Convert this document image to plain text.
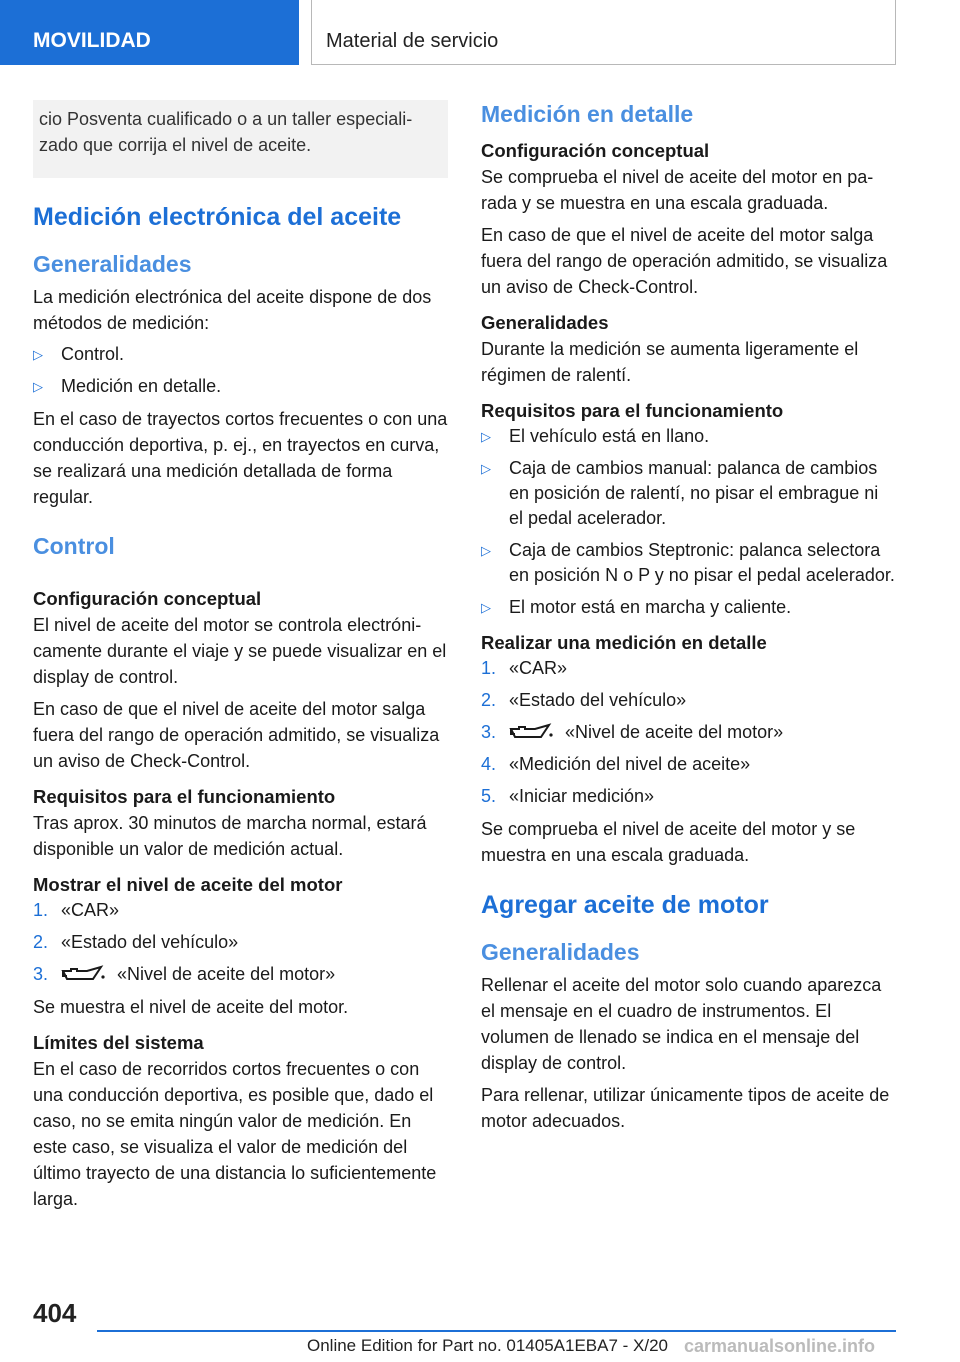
MOVILIDAD	Material de servicio

cio Posventa cualificado o a un taller especializado que corrija el nivel de aceite.

Medición electrónica del aceite
Generalidades

La medición electrónica del aceite dispone de dos métodos de medición:

▷ Control.
▷ Medición en detalle.

En el caso de trayectos cortos frecuentes o con una conducción deportiva, p. ej., en trayectos en curva, se realizará una medición detallada de forma regular.

Control
Configuración conceptual

El nivel de aceite del motor se controla electrónicamente durante el viaje y se puede visualizar en el display de control.

En caso de que el nivel de aceite del motor salga fuera del rango de operación admitido, se visualiza un aviso de Check-Control.

Requisitos para el funcionamiento

Tras aprox. 30 minutos de marcha normal, estará disponible un valor de medición actual.

Mostrar el nivel de aceite del motor
1. «CAR»
2. «Estado del vehículo»
3.	«Nivel de aceite del motor»

Se muestra el nivel de aceite del motor.

Límites del sistema

En el caso de recorridos cortos frecuentes o con una conducción deportiva, es posible que, dado el caso, no se emita ningún valor de medición. En este caso, se visualiza el valor de medición del último trayecto de una distancia lo suficientemente larga.

Medición en detalle
Configuración conceptual

Se comprueba el nivel de aceite del motor en parada y se muestra en una escala graduada.

En caso de que el nivel de aceite del motor salga fuera del rango de operación admitido, se visualiza un aviso de Check-Control.

Generalidades

Durante la medición se aumenta ligeramente el régimen de ralentí.

Requisitos para el funcionamiento
▷ El vehículo está en llano.
▷ Caja de cambios manual: palanca de cambios en posición de ralentí, no pisar el embrague ni el pedal acelerador.
▷ Caja de cambios Steptronic: palanca selectora en posición N o P y no pisar el pedal acelerador.
▷ El motor está en marcha y caliente.
Realizar una medición en detalle
1. «CAR»
2. «Estado del vehículo»
3.	«Nivel de aceite del motor»
4. «Medición del nivel de aceite»
5. «Iniciar medición»

Se comprueba el nivel de aceite del motor y se muestra en una escala graduada.

Agregar aceite de motor
Generalidades

Rellenar el aceite del motor solo cuando aparezca el mensaje en el cuadro de instrumentos. El volumen de llenado se indica en el mensaje del display de control.

Para rellenar, utilizar únicamente tipos de aceite de motor adecuados.

404
Online Edition for Part no. 01405A1EBA7 - X/20 carmanualsonline.info
